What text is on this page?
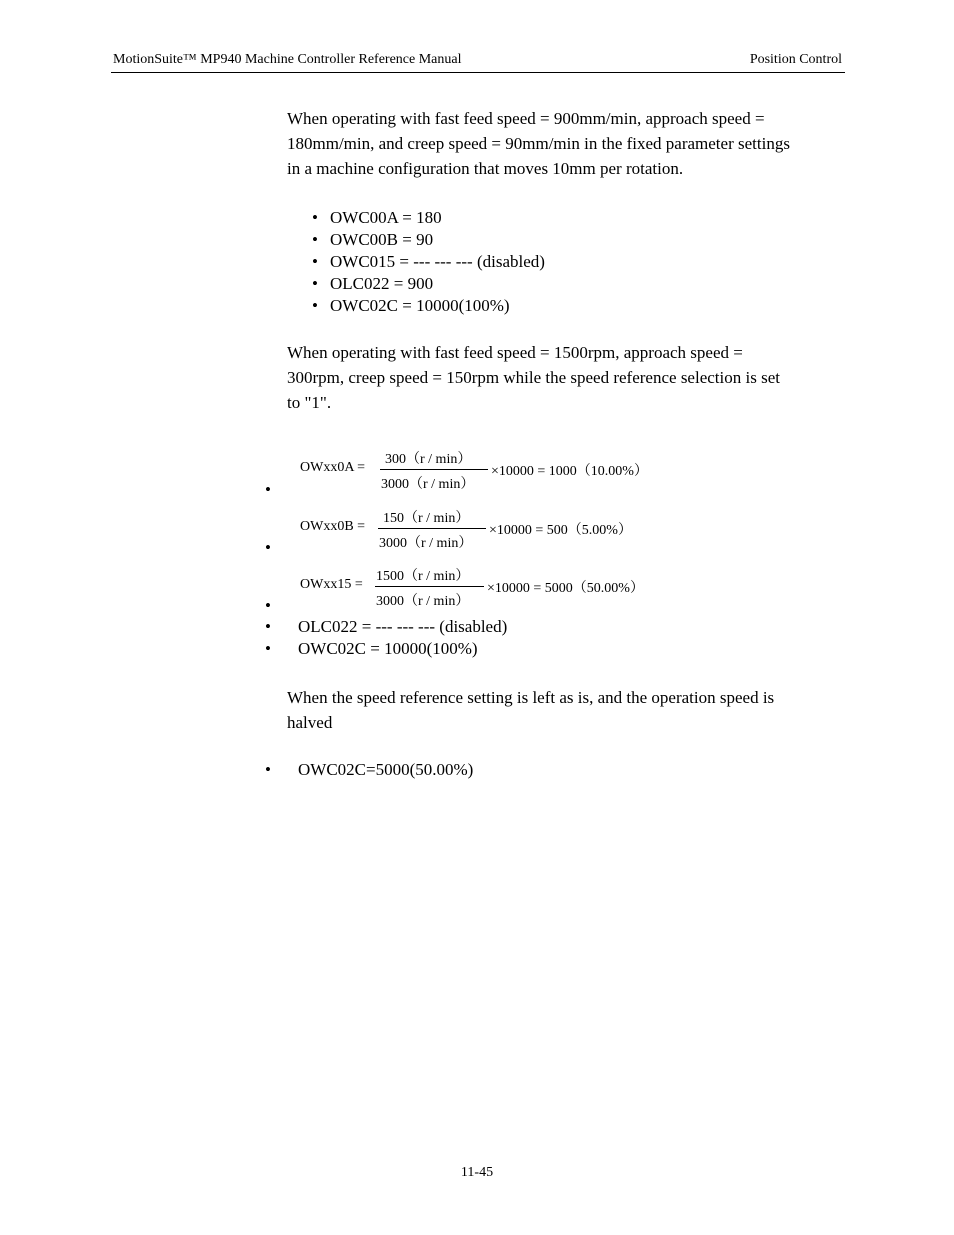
MotionSuite™ MP940 Machine Controller Reference Manual	Position Control

When operating with fast feed speed = 900mm/min, approach speed =
180mm/min, and creep speed = 90mm/min in the fixed parameter settings
in a machine configuration that moves 10mm per rotation.

• OWC00A = 180
• OWC00B = 90
• OWC015 = --- --- --- (disabled)
• OLC022 = 900
• OWC02C = 10000(100%)

When operating with fast feed speed = 1500rpm, approach speed =
300rpm, creep speed = 150rpm while the speed reference selection is set
to "1".

•
OWxx0A =
300（r / min）
3000（r / min）
×10000 = 1000（10.00%）
•
OWxx0B =
150（r / min）
3000（r / min）
×10000 = 500（5.00%）
•
OWxx15 =
1500（r / min）
3000（r / min）
×10000 = 5000（50.00%）
• OLC022 = --- --- --- (disabled)
• OWC02C = 10000(100%)

When the speed reference setting is left as is, and the operation speed is
halved

• OWC02C=5000(50.00%)
11-45
